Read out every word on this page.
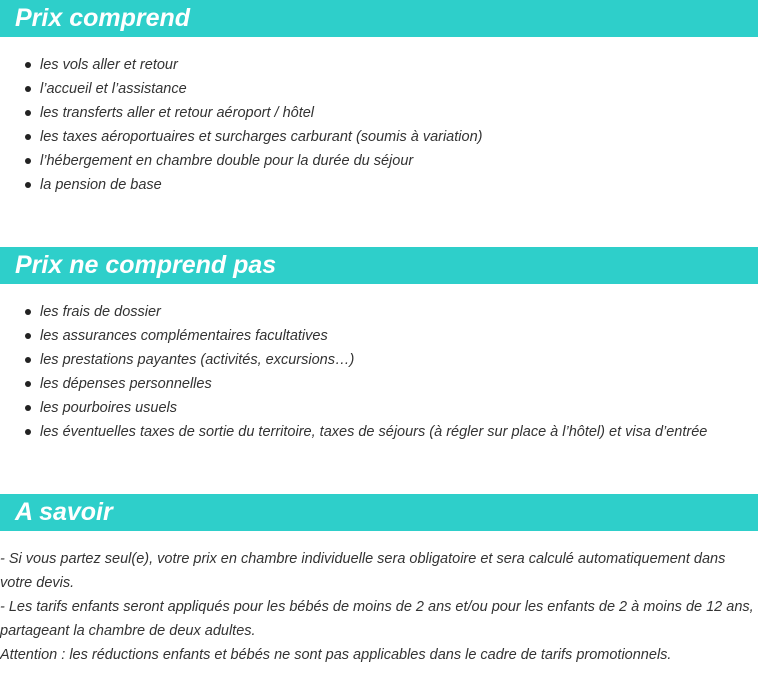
Prix comprend
les vols aller et retour
l’accueil et l’assistance
les transferts aller et retour aéroport / hôtel
les taxes aéroportuaires et surcharges carburant (soumis à variation)
l’hébergement en chambre double pour la durée du séjour
la pension de base
Prix ne comprend pas
les frais de dossier
les assurances complémentaires facultatives
les prestations payantes (activités, excursions…)
les dépenses personnelles
les pourboires usuels
les éventuelles taxes de sortie du territoire, taxes de séjours (à régler sur place à l’hôtel) et visa d’entrée
A savoir

- Si vous partez seul(e), votre prix en chambre individuelle sera obligatoire et sera calculé automatiquement dans votre devis.

- Les tarifs enfants seront appliqués pour les bébés de moins de 2 ans et/ou pour les enfants de 2 à moins de 12 ans, partageant la chambre de deux adultes.

Attention : les réductions enfants et bébés ne sont pas applicables dans le cadre de tarifs promotionnels.
